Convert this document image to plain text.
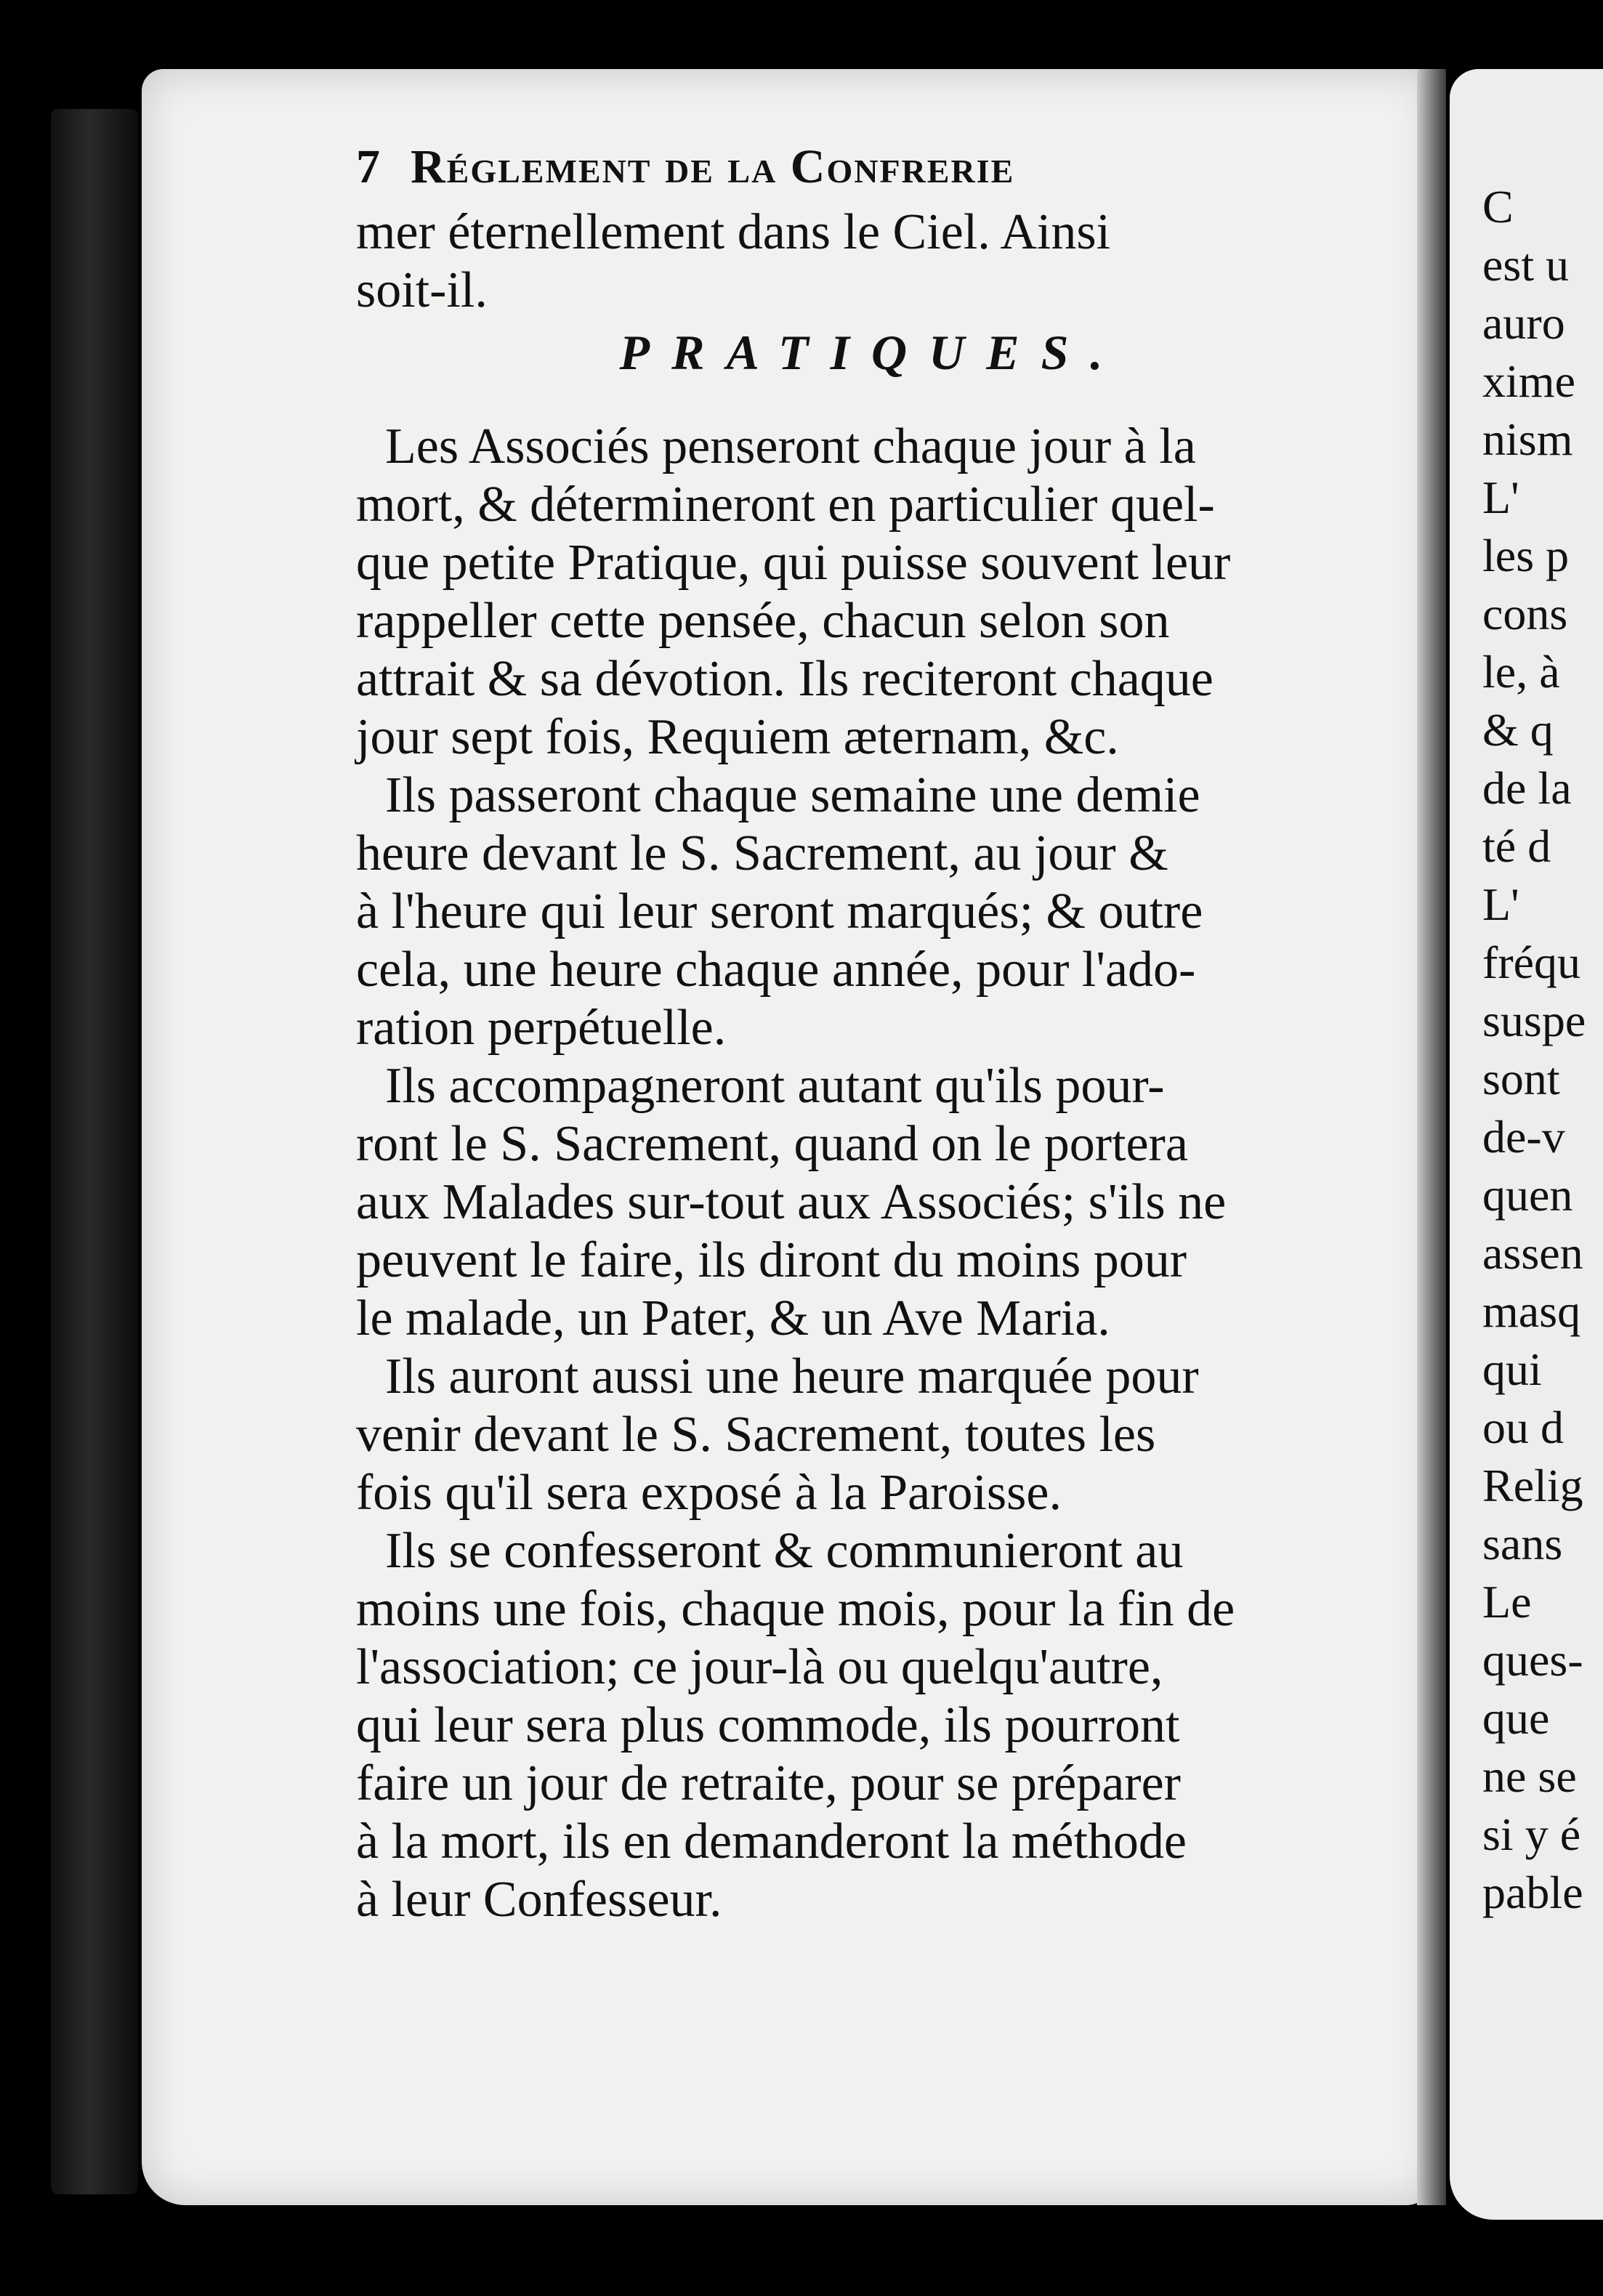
7 Réglement de la Confrerie
mer éternellement dans le Ciel. Ainsi
soit-il.
PRATIQUES.
Les Associés penseront chaque jour à la
mort, & détermineront en particulier quel-
que petite Pratique, qui puisse souvent leur
rappeller cette pensée, chacun selon son
attrait & sa dévotion. Ils reciteront chaque
jour sept fois, Requiem æternam, &c.
Ils passeront chaque semaine une demie
heure devant le S. Sacrement, au jour &
à l'heure qui leur seront marqués; & outre
cela, une heure chaque année, pour l'ado-
ration perpétuelle.
Ils accompagneront autant qu'ils pour-
ront le S. Sacrement, quand on le portera
aux Malades sur-tout aux Associés; s'ils ne
peuvent le faire, ils diront du moins pour
le malade, un Pater, & un Ave Maria.
Ils auront aussi une heure marquée pour
venir devant le S. Sacrement, toutes les
fois qu'il sera exposé à la Paroisse.
Ils se confesseront & communieront au
moins une fois, chaque mois, pour la fin de
l'association; ce jour-là ou quelqu'autre,
qui leur sera plus commode, ils pourront
faire un jour de retraite, pour se préparer
à la mort, ils en demanderont la méthode
à leur Confesseur.
C
est u
auro
xime
nism
L'
les p
cons
le, à
& q
de la
té d
L'
fréqu
suspe
sont
de-v
quen
assen
masq
qui
ou d
Relig
sans
Le
ques-
que
ne se
si y é
pable
